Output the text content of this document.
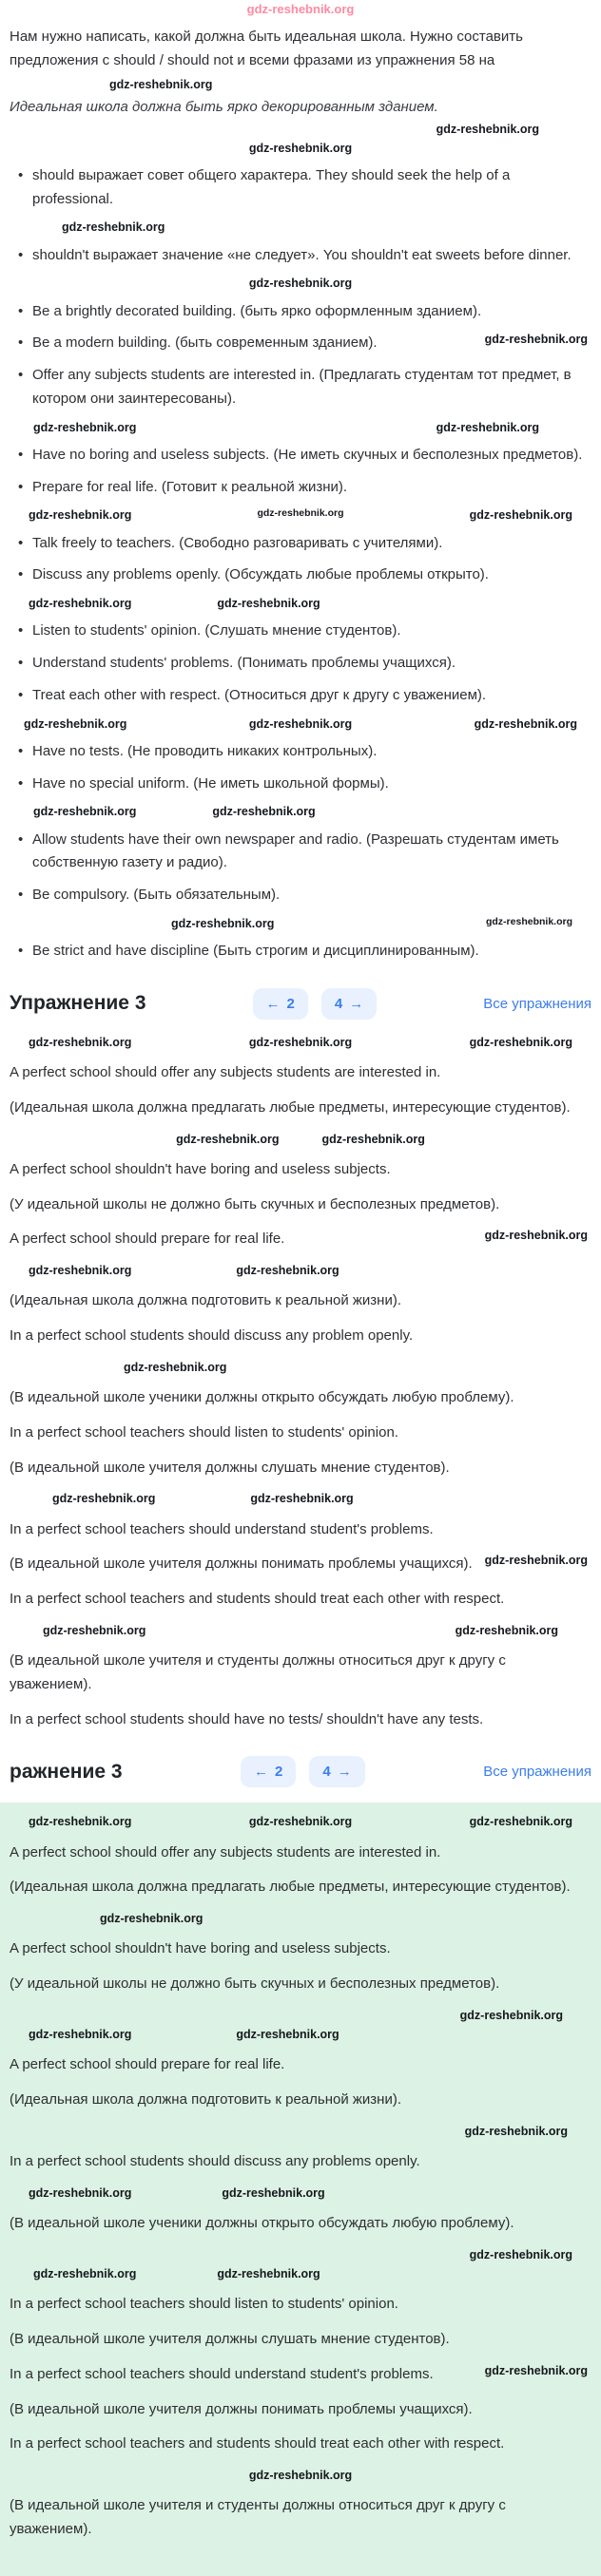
gdz-reshebnik.org

Нам нужно написать, какой должна быть идеальная школа. Нужно составить предложения с should / should not и всеми фразами из упражнения 58 на

gdz-reshebnik.org

Идеальная школа должна быть ярко декорированным зданием.

gdz-reshebnik.org
gdz-reshebnik.org
• should выражает совет общего характера. They should seek the help of a professional.
gdz-reshebnik.org
• shouldn't выражает значение «не следует». You shouldn't eat sweets before dinner.
gdz-reshebnik.org
• Be a brightly decorated building. (быть ярко оформленным зданием).
• Be a modern building. (быть современным зданием).	gdz-reshebnik.org
• Offer any subjects students are interested in. (Предлагать студентам тот предмет, в котором они заинтересованы).
gdz-reshebnik.org	gdz-reshebnik.org
• Have no boring and useless subjects. (Не иметь скучных и бесполезных предметов).
• Prepare for real life. (Готовит к реальной жизни).
gdz-reshebnik.org	gdz-reshebnik.org	gdz-reshebnik.org
• Talk freely to teachers. (Свободно разговаривать с учителями).
• Discuss any problems openly. (Обсуждать любые проблемы открыто).
gdz-reshebnik.org	gdz-reshebnik.org
• Listen to students' opinion. (Слушать мнение студентов).
• Understand students' problems. (Понимать проблемы учащихся).
• Treat each other with respect. (Относиться друг к другу с уважением).
gdz-reshebnik.org	gdz-reshebnik.org	gdz-reshebnik.org
• Have no tests. (Не проводить никаких контрольных).
• Have no special uniform. (Не иметь школьной формы).
gdz-reshebnik.org	gdz-reshebnik.org
• Allow students have their own newspaper and radio. (Разрешать студентам иметь собственную газету и радио).
• Be compulsory. (Быть обязательным).
gdz-reshebnik.org	gdz-reshebnik.org
• Be strict and have discipline (Быть строгим и дисциплинированным).
Упражнение 3	← 2	4 →	Все упражнения
gdz-reshebnik.org	gdz-reshebnik.org	gdz-reshebnik.org

A perfect school should offer any subjects students are interested in.

(Идеальная школа должна предлагать любые предметы, интересующие студентов).

gdz-reshebnik.org	gdz-reshebnik.org

A perfect school shouldn't have boring and useless subjects.

(У идеальной школы не должно быть скучных и бесполезных предметов).

A perfect school should prepare for real life.	gdz-reshebnik.org

gdz-reshebnik.org	gdz-reshebnik.org

(Идеальная школа должна подготовить к реальной жизни).

In a perfect school students should discuss any problem openly.

gdz-reshebnik.org

(В идеальной школе ученики должны открыто обсуждать любую проблему).

In a perfect school teachers should listen to students' opinion.

(В идеальной школе учителя должны слушать мнение студентов).

gdz-reshebnik.org	gdz-reshebnik.org

In a perfect school teachers should understand student's problems.

(В идеальной школе учителя должны понимать проблемы учащихся). gdz-reshebnik.org

In a perfect school teachers and students should treat each other with respect.

gdz-reshebnik.org	gdz-reshebnik.org

(В идеальной школе учителя и студенты должны относиться друг к другу с уважением).

In a perfect school students should have no tests/ shouldn't have any tests.

ражнение 3	← 2	4 →	Все упражнения
gdz-reshebnik.org	gdz-reshebnik.org	gdz-reshebnik.org

A perfect school should offer any subjects students are interested in.

(Идеальная школа должна предлагать любые предметы, интересующие студентов).

gdz-reshebnik.org

A perfect school shouldn't have boring and useless subjects.

(У идеальной школы не должно быть скучных и бесполезных предметов).

gdz-reshebnik.org
gdz-reshebnik.org	gdz-reshebnik.org

A perfect school should prepare for real life.

(Идеальная школа должна подготовить к реальной жизни).

gdz-reshebnik.org

In a perfect school students should discuss any problems openly.

gdz-reshebnik.org	gdz-reshebnik.org

(В идеальной школе ученики должны открыто обсуждать любую проблему).

gdz-reshebnik.org
gdz-reshebnik.org	gdz-reshebnik.org

In a perfect school teachers should listen to students' opinion.

(В идеальной школе учителя должны слушать мнение студентов).

In a perfect school teachers should understand student's problems.	gdz-reshebnik.org

(В идеальной школе учителя должны понимать проблемы учащихся).

In a perfect school teachers and students should treat each other with respect.

gdz-reshebnik.org

(В идеальной школе учителя и студенты должны относиться друг к другу с уважением).
